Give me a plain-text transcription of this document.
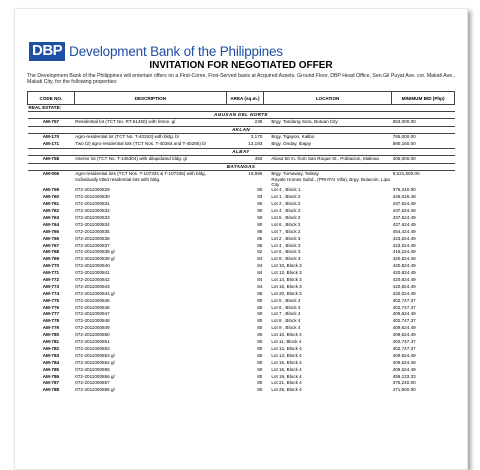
DBP Development Bank of the Philippines
INVITATION FOR NEGOTIATED OFFER
The Development Bank of the Philippines will entertain offers on a First-Come, First-Served basis at Acquired Assets, Ground Floor, DBP Head Office, Sen.Gil Puyat Ave. cor. Makati Ave., Makati City, for the following properties:
CODE NO.	DESCRIPTION	AREA (sq.m.)	LOCATION	MINIMUM BID (Php)
REAL ESTATE:				
AGUSAN DEL NORTE				
AM-757	Residential lot (TCT No. RT-51450) with fence. g/	239	Brgy. Tandang Sora, Butuan City	553,000.00
AKLAN				
AM-170	Agro-residential lot (TCT No. T-40263) with bldg. b/	2,170	Brgy. Tigayon, Kalibo	765,000.00
AM-171	Two (2) agro-residential lots (TCT Nos. T-40284 and T-40285) b/	13,193	Brgy. Onday, Ibajay	590,160.00
ALBAY				
AM-758	Interior lot (TCT No. T-145304) with dilapidated bldg. g/	450	About 50 m. from San Roque St., Poblacion, Malinao	405,000.00
BATANGAS				
AM-006	Agro-residential lots (TCT Nos. T-107334 & T-107335) with bldg.	16,995	Brgy. Tumaway, Talisay	9,521,600.00
	Individually titled residential lots with bldg.		Royale Homes Subd., (PRHTAI Villa), Brgy. Bulacnin, Lipa City	
AM-759	072-2011000829	80	Lot 4 , Block 1	375,240.00
AM-760	072-2011000830	93	Lot 1 , Block 2	446,026.48
AM-761	072-2011000831	90	Lot 2 , Block 2	437,624.49
AM-762	072-2011000832	90	Lot 4 , Block 2	437,624.49
AM-763	072-2011000833	90	Lot 5 , Block 2	437,624.49
AM-764	072-2011000834	90	Lot 6 , Block 2	437,624.49
AM-765	072-2011000835	96	Lot 7 , Block 2	454,424.49
AM-766	072-2011000836	85	Lot 2 , Block 3	423,624.49
AM-767	072-2011000837	85	Lot 4 , Block 3	423,624.49
AM-768	072-2011000838 g/	82	Lot 6 , Block 3	415,224.49
AM-769	072-2011000839 g/	84	Lot 8 , Block 3	420,824.49
AM-770	072-2011000840	84	Lot 10, Block 3	420,824.49
AM-771	072-2011000841	84	Lot 12, Block 3	420,824.49
AM-772	072-2011000842	84	Lot 14, Block 3	420,824.49
AM-773	072-2011000843	84	Lot 16, Block 3	420,824.49
AM-774	072-2011000844 g/	88	Lot 20, Block 3	432,024.49
AM-775	072-2011000845	80	Lot 5 , Block 4	402,747.37
AM-776	072-2011000846	80	Lot 6 , Block 4	402,747.37
AM-777	072-2011000847	80	Lot 7 , Block 4	409,624.49
AM-778	072-2011000848	80	Lot 8 , Block 4	402,747.37
AM-779	072-2011000849	80	Lot 9 , Block 4	409,624.49
AM-780	072-2011000850	80	Lot 10, Block 4	409,624.49
AM-781	072-2011000851	80	Lot 11, Block 4	402,747.37
AM-782	072-2011000852	80	Lot 12, Block 4	402,747.37
AM-783	072-2011000853 g/	80	Lot 13, Block 4	409,624.49
AM-784	072-2011000854 g/	80	Lot 15, Block 4	409,624.49
AM-785	072-2011000855	80	Lot 16, Block 4	409,624.49
AM-786	072-2011000856 g/	80	Lot 19, Block 4	459,133.33
AM-787	072-2011000857	80	Lot 21, Block 4	375,240.00
AM-788	072-2011000858 g/	80	Lot 25, Block 4	471,500.00
